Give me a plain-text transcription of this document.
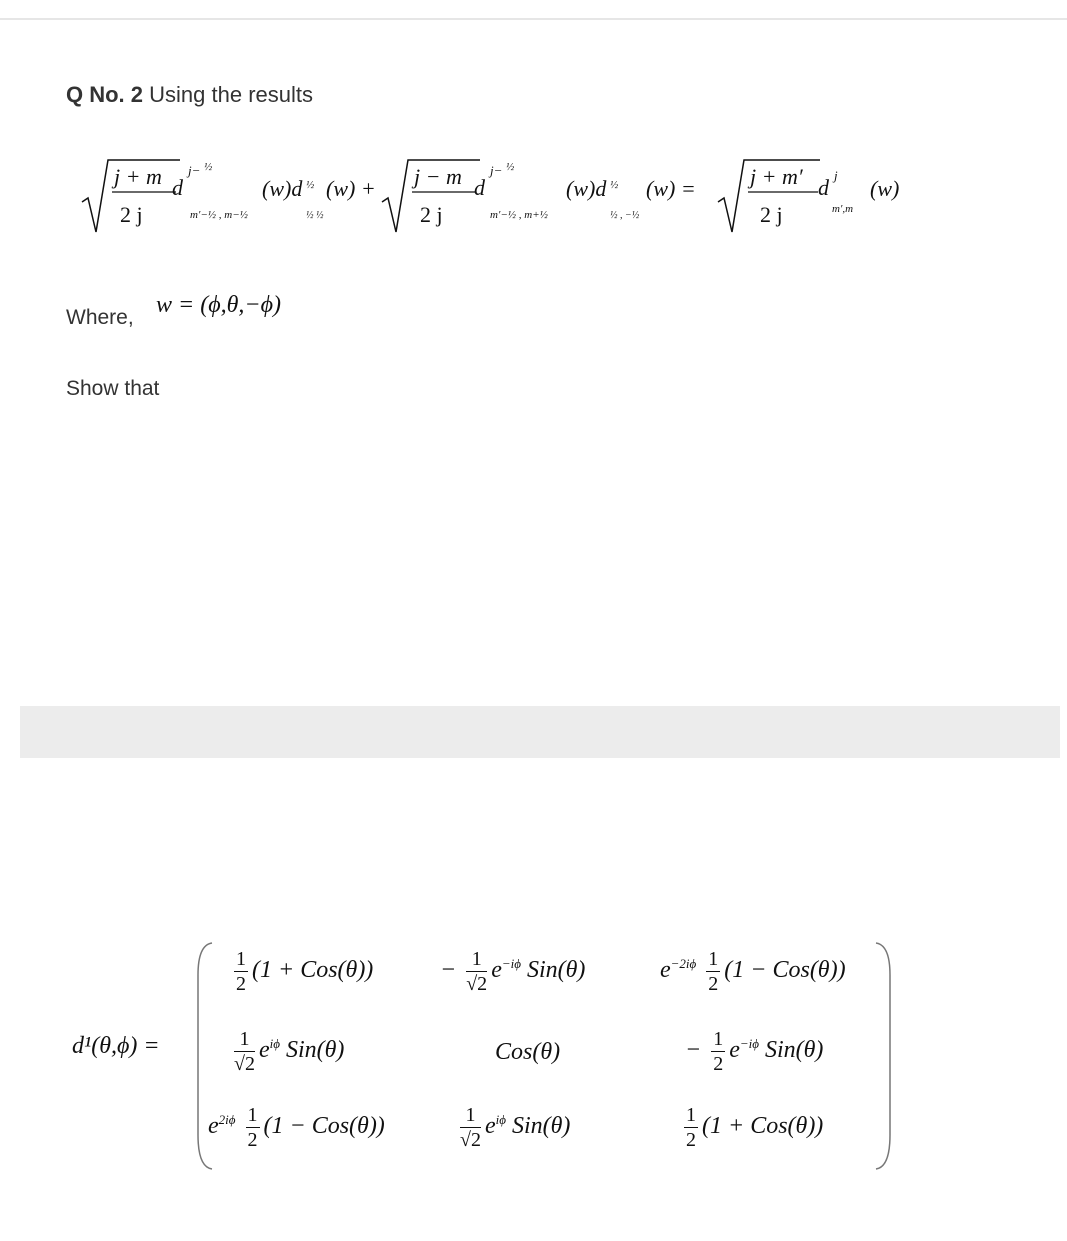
Q No. 2 Using the results
j + m
2 j
d
j− ½
m′−½ , m−½
(w)d ½
½ ½
(w) + j − m
2 j
d
j− ½
m′−½ , m+½
(w)d ½
½ , −½
(w) = j + m′
2 j
d j
m′,m
(w)
Where, w = (ϕ,θ,−ϕ)
Show that
d¹(θ,ϕ) =
$\frac{1}{2} (1 + Cos(\theta))$	− $\frac{1}{√2} e^{-i\phi}$ Sin(θ)	$e^{-2i\phi} \frac{1}{2} (1 - Cos(\theta))$
$\frac{1}{√2} e^{i\phi}$ Sin(θ)	Cos(θ)	− $\frac{1}{2} e^{-i\phi}$ Sin(θ)
$e^{2i\phi} \frac{1}{2} (1 - Cos(\theta))$	$\frac{1}{√2} e^{i\phi}$ Sin(θ)	$\frac{1}{2} (1 + Cos(\theta))$
